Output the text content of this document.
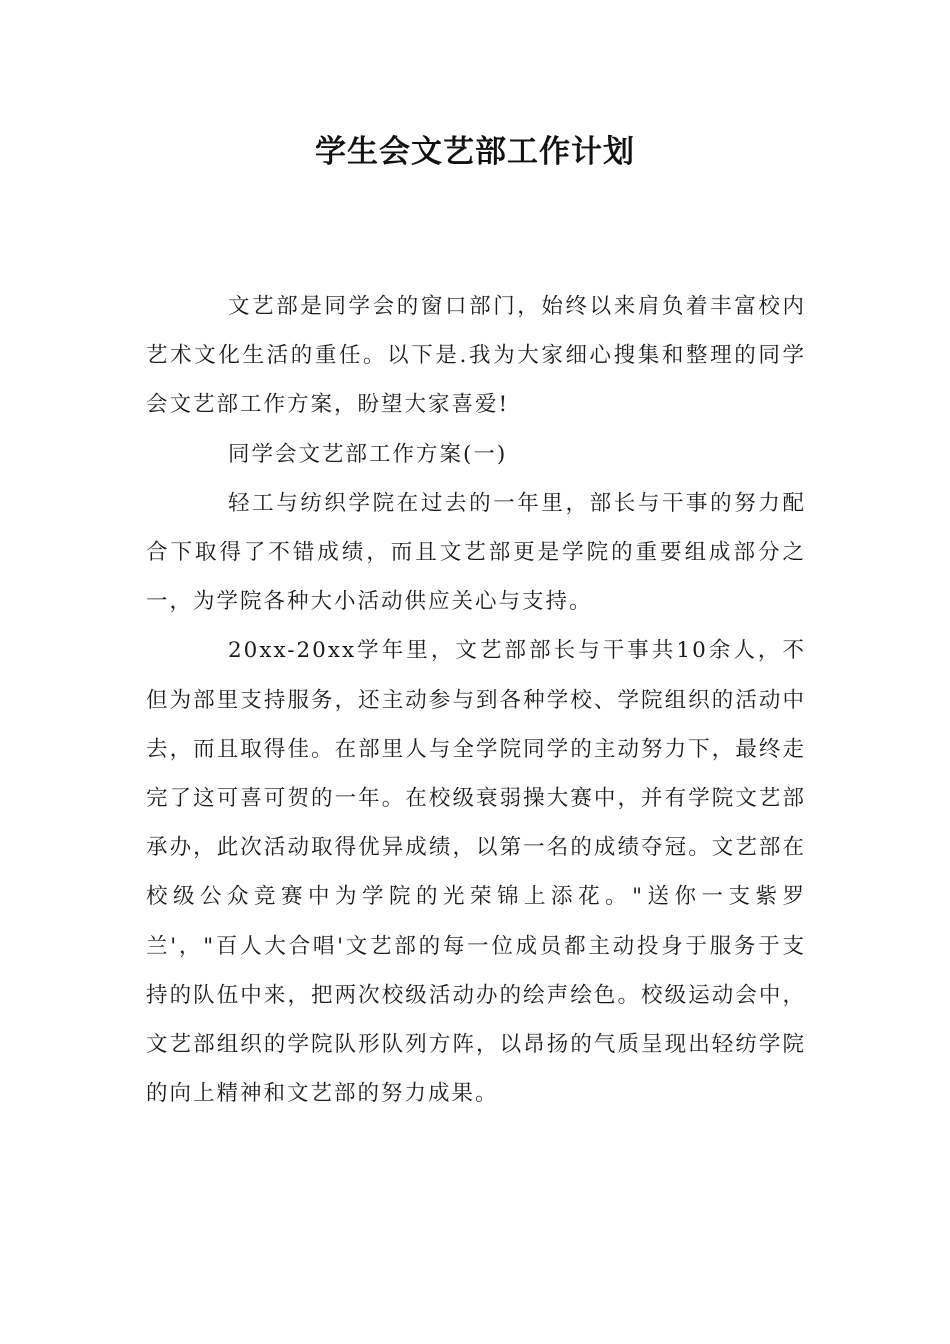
学生会文艺部工作计划

文艺部是同学会的窗口部门，始终以来肩负着丰富校内艺术文化生活的重任。以下是.我为大家细心搜集和整理的同学会文艺部工作方案，盼望大家喜爱!

同学会文艺部工作方案(一)

轻工与纺织学院在过去的一年里，部长与干事的努力配合下取得了不错成绩，而且文艺部更是学院的重要组成部分之一，为学院各种大小活动供应关心与支持。

20xx-20xx学年里，文艺部部长与干事共10余人，不但为部里支持服务，还主动参与到各种学校、学院组织的活动中去，而且取得佳。在部里人与全学院同学的主动努力下，最终走完了这可喜可贺的一年。在校级衰弱操大赛中，并有学院文艺部承办，此次活动取得优异成绩，以第一名的成绩夺冠。文艺部在校级公众竞赛中为学院的光荣锦上添花。"送你一支紫罗兰'，"百人大合唱'文艺部的每一位成员都主动投身于服务于支持的队伍中来，把两次校级活动办的绘声绘色。校级运动会中，文艺部组织的学院队形队列方阵，以昂扬的气质呈现出轻纺学院的向上精神和文艺部的努力成果。
